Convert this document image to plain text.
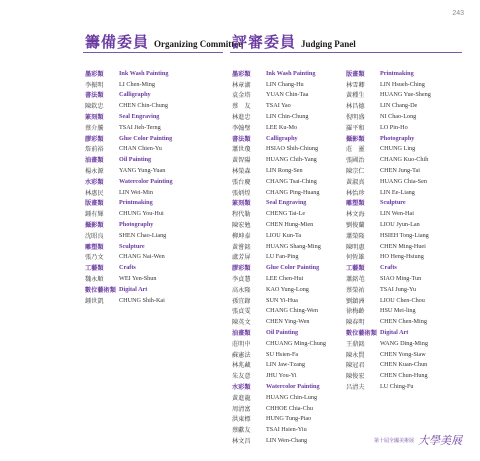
243
籌備委員 Organizing Committee
評審委員 Judging Panel
墨彩類	Ink Wash Painting
李振明	LI Chen-Ming
書法類	Calligraphy
陳欽忠	CHEN Chin-Chung
篆刻類	Seal Engraving
蔡介騰	TSAI Jieh-Terng
膠彩類	Glue Color Painting
詹前裕	CHAN Chien-Yu
油畫類	Oil Painting
楊永源	YANG Yung-Yuan
水彩類	Watercolor Painting
林惠民	LIN Wei-Min
版畫類	Printmaking
鍾有輝	CHUNG You-Hui
攝影類	Photography
沈昭良	SHEN Chao-Liang
雕塑類	Sculpture
張乃文	CHANG Nai-Wen
工藝類	Crafts
魏永順	WEI Yen-Shun
數位藝術類 Digital Art
鍾世凱	CHUNG Shih-Kai
墨彩類	Ink Wash Painting
林章湖	LIN Chang-Hu
袁金塔	YUAN Chin-Taa
蔡　友	TSAI Yao
林進忠	LIN Chin-Chung
李翰璧	LEE Ku-Mo
書法類	Calligraphy
蕭世瓊	HSIAO Shih-Chiung
黃智陽	HUANG Chih-Yang
林榮森	LIN Rong-Sen
張台慶	CHANG Tsai-Ching
張炳煌	CHANG Ping-Huang
篆刻類	Seal Engraving
程代勒	CHENG Tai-Le
陳宏勉	CHEN Hung-Mien
柳坤泰	LIOU Kun-Ta
黃嘗銘	HUANG Shang-Ming
盧芳屏	LU Fan-Ping
膠彩類	Glue Color Painting
李貞慧	LEE Chen-Hui
高永隆	KAO Yung-Long
孫宜錄	SUN Yi-Hua
張貞雯	CHANG Ching-Wen
陳英文	CHEN Ying-Wen
油畫類	Oil Painting
莊明中	CHUANG Ming-Chung
蘇憲法	SU Hsien-Fa
林兆藏	LIN Jaw-Tzang
朱友意	JHU You-Yi
水彩類	Watercolor Painting
黃進龍	HUANG Chin-Lung
周清富	CHHOE Chia-Chu
洪東標	HUNG Tung-Piao
蔡獻友	TSAI Hsien-Yiu
林文昌	LIN Wen-Chang
版畫類	Printmaking
林雪卿	LIN Hsueh-Ching
黃種生	HUANG Yue-Sheng
林昌德	LIN Chang-De
倪明盛	NI Chao-Long
羅平和	LO Pin-Ho
攝影類	Photography
莊　靈	CHUNG Ling
張國治	CHANG Kuo-Chih
陳宗仁	CHEN Jung-Tai
黃淑真	HUANG Chia-Sen
林怡珍	LIN Ee-Liang
雕塑類	Sculpture
林文海	LIN Wen-Hai
劉俊蘭	LIOU Jyun-Lan
蕭榮隆	HSIEH Tong-Liang
陳明惠	CHEN Ming-Huei
何恆雄	HO Heng-Hsiung
工藝類	Crafts
蕭銘芚	SIAO Ming-Tun
蔡榮祐	TSAI Jung-Yu
劉鎮洲	LIOU Chen-Chou
徐梅齡	HSU Mei-ling
陳春明	CHEN Chen-Ming
數位藝術類 Digital Art
王鼎銘	WANG Ding-Ming
陳永賢	CHEN Yong-Siaw
陳冠君	CHEN Kuan-Chun
陳俊宏	CHEN Chun-Hung
呂清夫	LU Ching-Fu
第十屆全國美術展 大學美展
